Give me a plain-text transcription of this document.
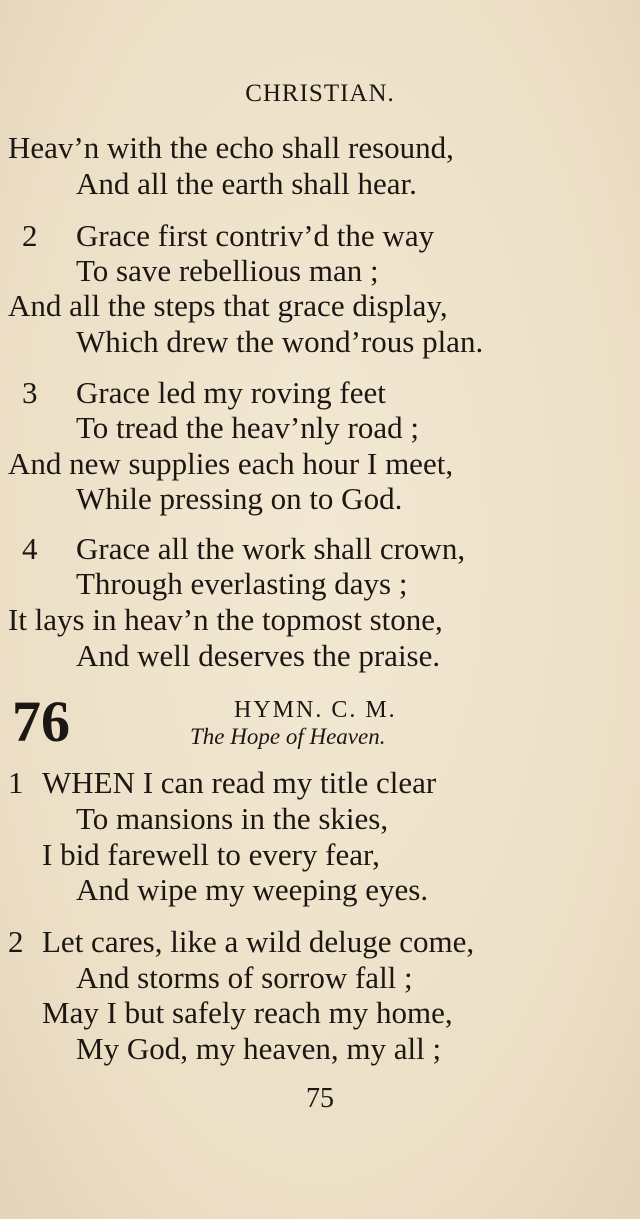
CHRISTIAN.
Heav’n with the echo shall resound,
And all the earth shall hear.
2 Grace first contriv’d the way
To save rebellious man ;
And all the steps that grace display,
Which drew the wond’rous plan.
3 Grace led my roving feet
To tread the heav’nly road ;
And new supplies each hour I meet,
While pressing on to God.
4 Grace all the work shall crown,
Through everlasting days ;
It lays in heav’n the topmost stone,
And well deserves the praise.
76	HYMN. C. M.
The Hope of Heaven.
1 WHEN I can read my title clear
To mansions in the skies,
I bid farewell to every fear,
And wipe my weeping eyes.
2 Let cares, like a wild deluge come,
And storms of sorrow fall ;
May I but safely reach my home,
My God, my heaven, my all ;
75
